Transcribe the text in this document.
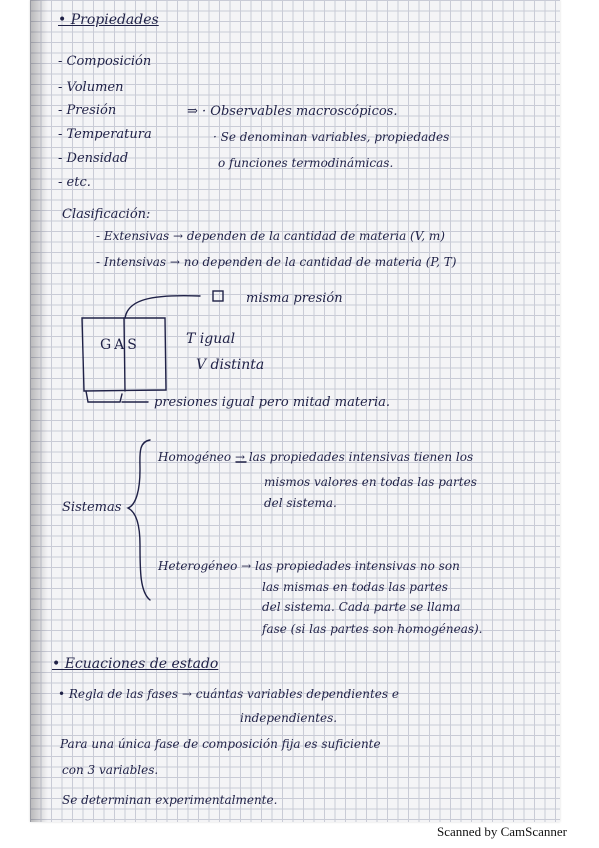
• Propiedades
- Composición
- Volumen
- Presión
- Temperatura
- Densidad
- etc.
⇒ · Observables macroscópicos.
· Se denominan variables, propiedades
o funciones termodinámicas.
Clasificación:
- Extensivas → dependen de la cantidad de materia (V, m)
- Intensivas → no dependen de la cantidad de materia (P, T)
GAS
misma presión
T igual
V distinta
presiones igual pero mitad materia.
Sistemas
Homogéneo → las propiedades intensivas tienen los
mismos valores en todas las partes
del sistema.
Heterogéneo → las propiedades intensivas no son
las mismas en todas las partes
del sistema. Cada parte se llama
fase (si las partes son homogéneas).
• Ecuaciones de estado
• Regla de las fases → cuántas variables dependientes e
independientes.
Para una única fase de composición fija es suficiente
con 3 variables.
Se determinan experimentalmente.
Scanned by CamScanner
